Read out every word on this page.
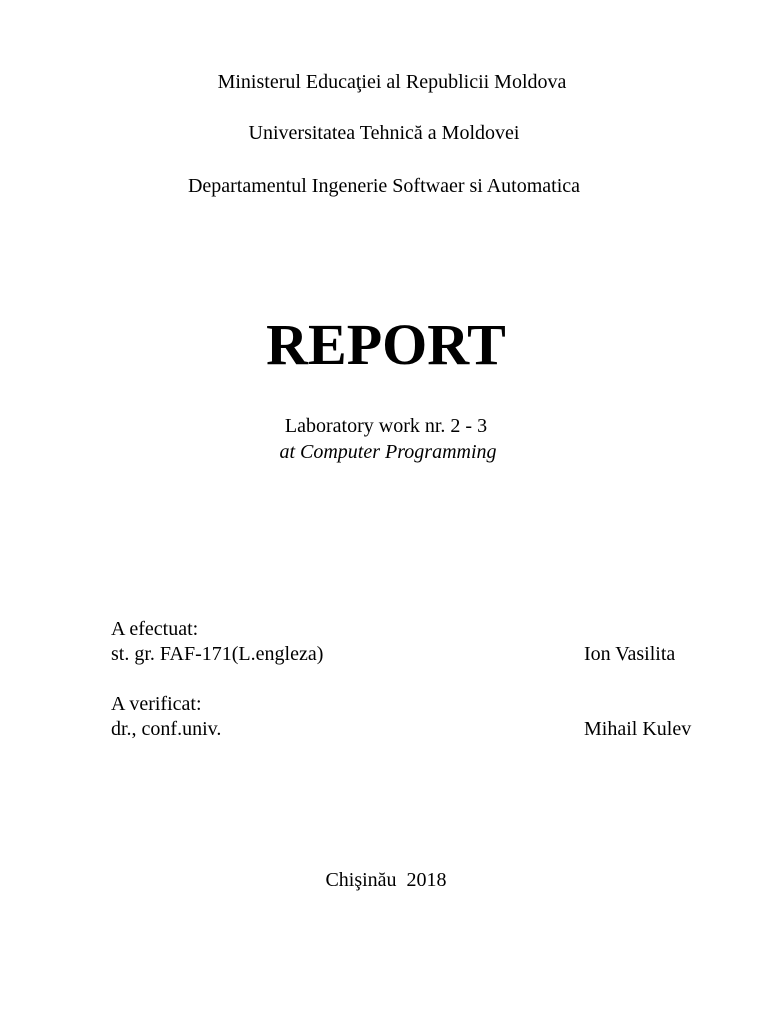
Ministerul Educaţiei al Republicii Moldova
Universitatea Tehnică a Moldovei
Departamentul Ingenerie Softwaer si Automatica
REPORT
Laboratory work nr. 2 - 3
at Computer Programming
A efectuat:
st. gr. FAF-171(L.engleza)	Ion Vasilita
A verificat:
dr., conf.univ.	Mihail Kulev
Chişinău  2018
